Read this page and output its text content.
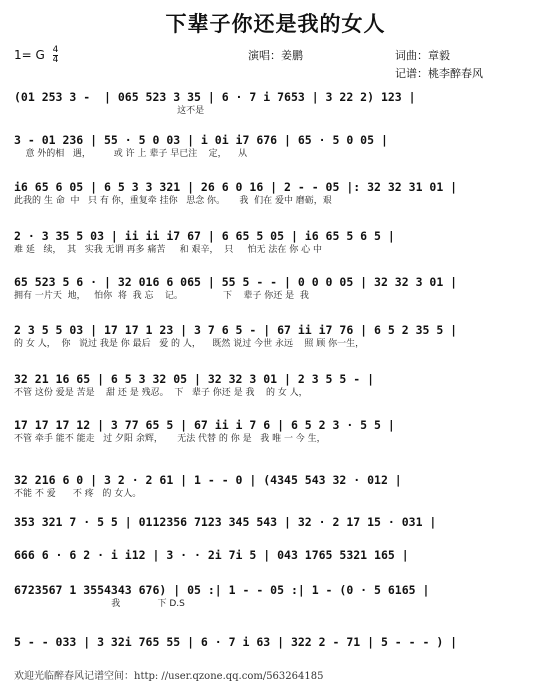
下辈子你还是我的女人
1= G $\frac{4}{4}$	演唱：姜鹏	词曲：章毅
记谱：桃李醉春风
(01 253 3 -  | 065 523 3 35 | 6 · 7 i 7653 | 3 22 2) 123 |
这不是
3 - 01 236 | 55 · 5 0 03 | i 0i i7 676 | 65 · 5 0 05 |
意 外的相   遇，        或 许 上 辈子 早已注    定，    从
i6 65 6 05 | 6 5 3 3 321 | 26 6 0 16 | 2 - - 05 |: 32 32 31 01 |
此我的 生 命  中   只 有 你，重复牵 挂你   思念 你。     我  们在 爱中 磨砺，艰
2 · 3 35 5 03 | ii ii i7 67 | 6 65 5 05 | i6 65 5 6 5 |
难 延   续，  其   实我 无谓 再多 痛苦     和 艰辛，  只     怕无 法在 你 心 中
65 523 5 6 · | 32 016 6 065 | 55 5 - - | 0 0 0 05 | 32 32 3 01 |
拥有 一片天  地，   怕你  将  我 忘    记。              下    辈子 你还 是  我
2 3 5 5 03 | 17 17 1 23 | 3 7 6 5 - | 67 ii i7 76 | 6 5 2 35 5 |
的 女 人，  你   说过 我是 你 最后   爱 的 人，    既然 说过 今世 永远    照 顾 你一生，
32 21 16 65 | 6 5 3 32 05 | 32 32 3 01 | 2 3 5 5 - |
不管 这份 爱是 苦是    甜 还 是 残忍。  下   辈子 你还 是 我    的 女 人，
17 17 17 12 | 3 77 65 5 | 67 ii i 7 6 | 6 5 2 3 · 5 5 |
不管 牵手 能不 能走   过 夕阳 余辉，     无法 代替 的 你 是   我 唯 一 今 生，
32 216 6 0 | 3 2 · 2 61 | 1 - - 0 | (4345 543 32 · 012 |
不能 不 爱      不 疼   的 女人。
353 321 7 · 5 5 | 0112356 7123 345 543 | 32 · 2 17 15 · 031 |
666 6 · 6 2 · i i12 | 3 · · 2i 7i 5 | 043 1765 5321 165 |
6723567 1 3554343 676) | 05 :| 1 - - 05 :| 1 - (0 · 5 6165 |
我             下 D.S
5 - - 033 | 3 32i 765 55 | 6 · 7 i 63 | 322 2 - 71 | 5 - - - ) |
欢迎光临醉春风记谱空间：http: //user.qzone.qq.com/563264185
